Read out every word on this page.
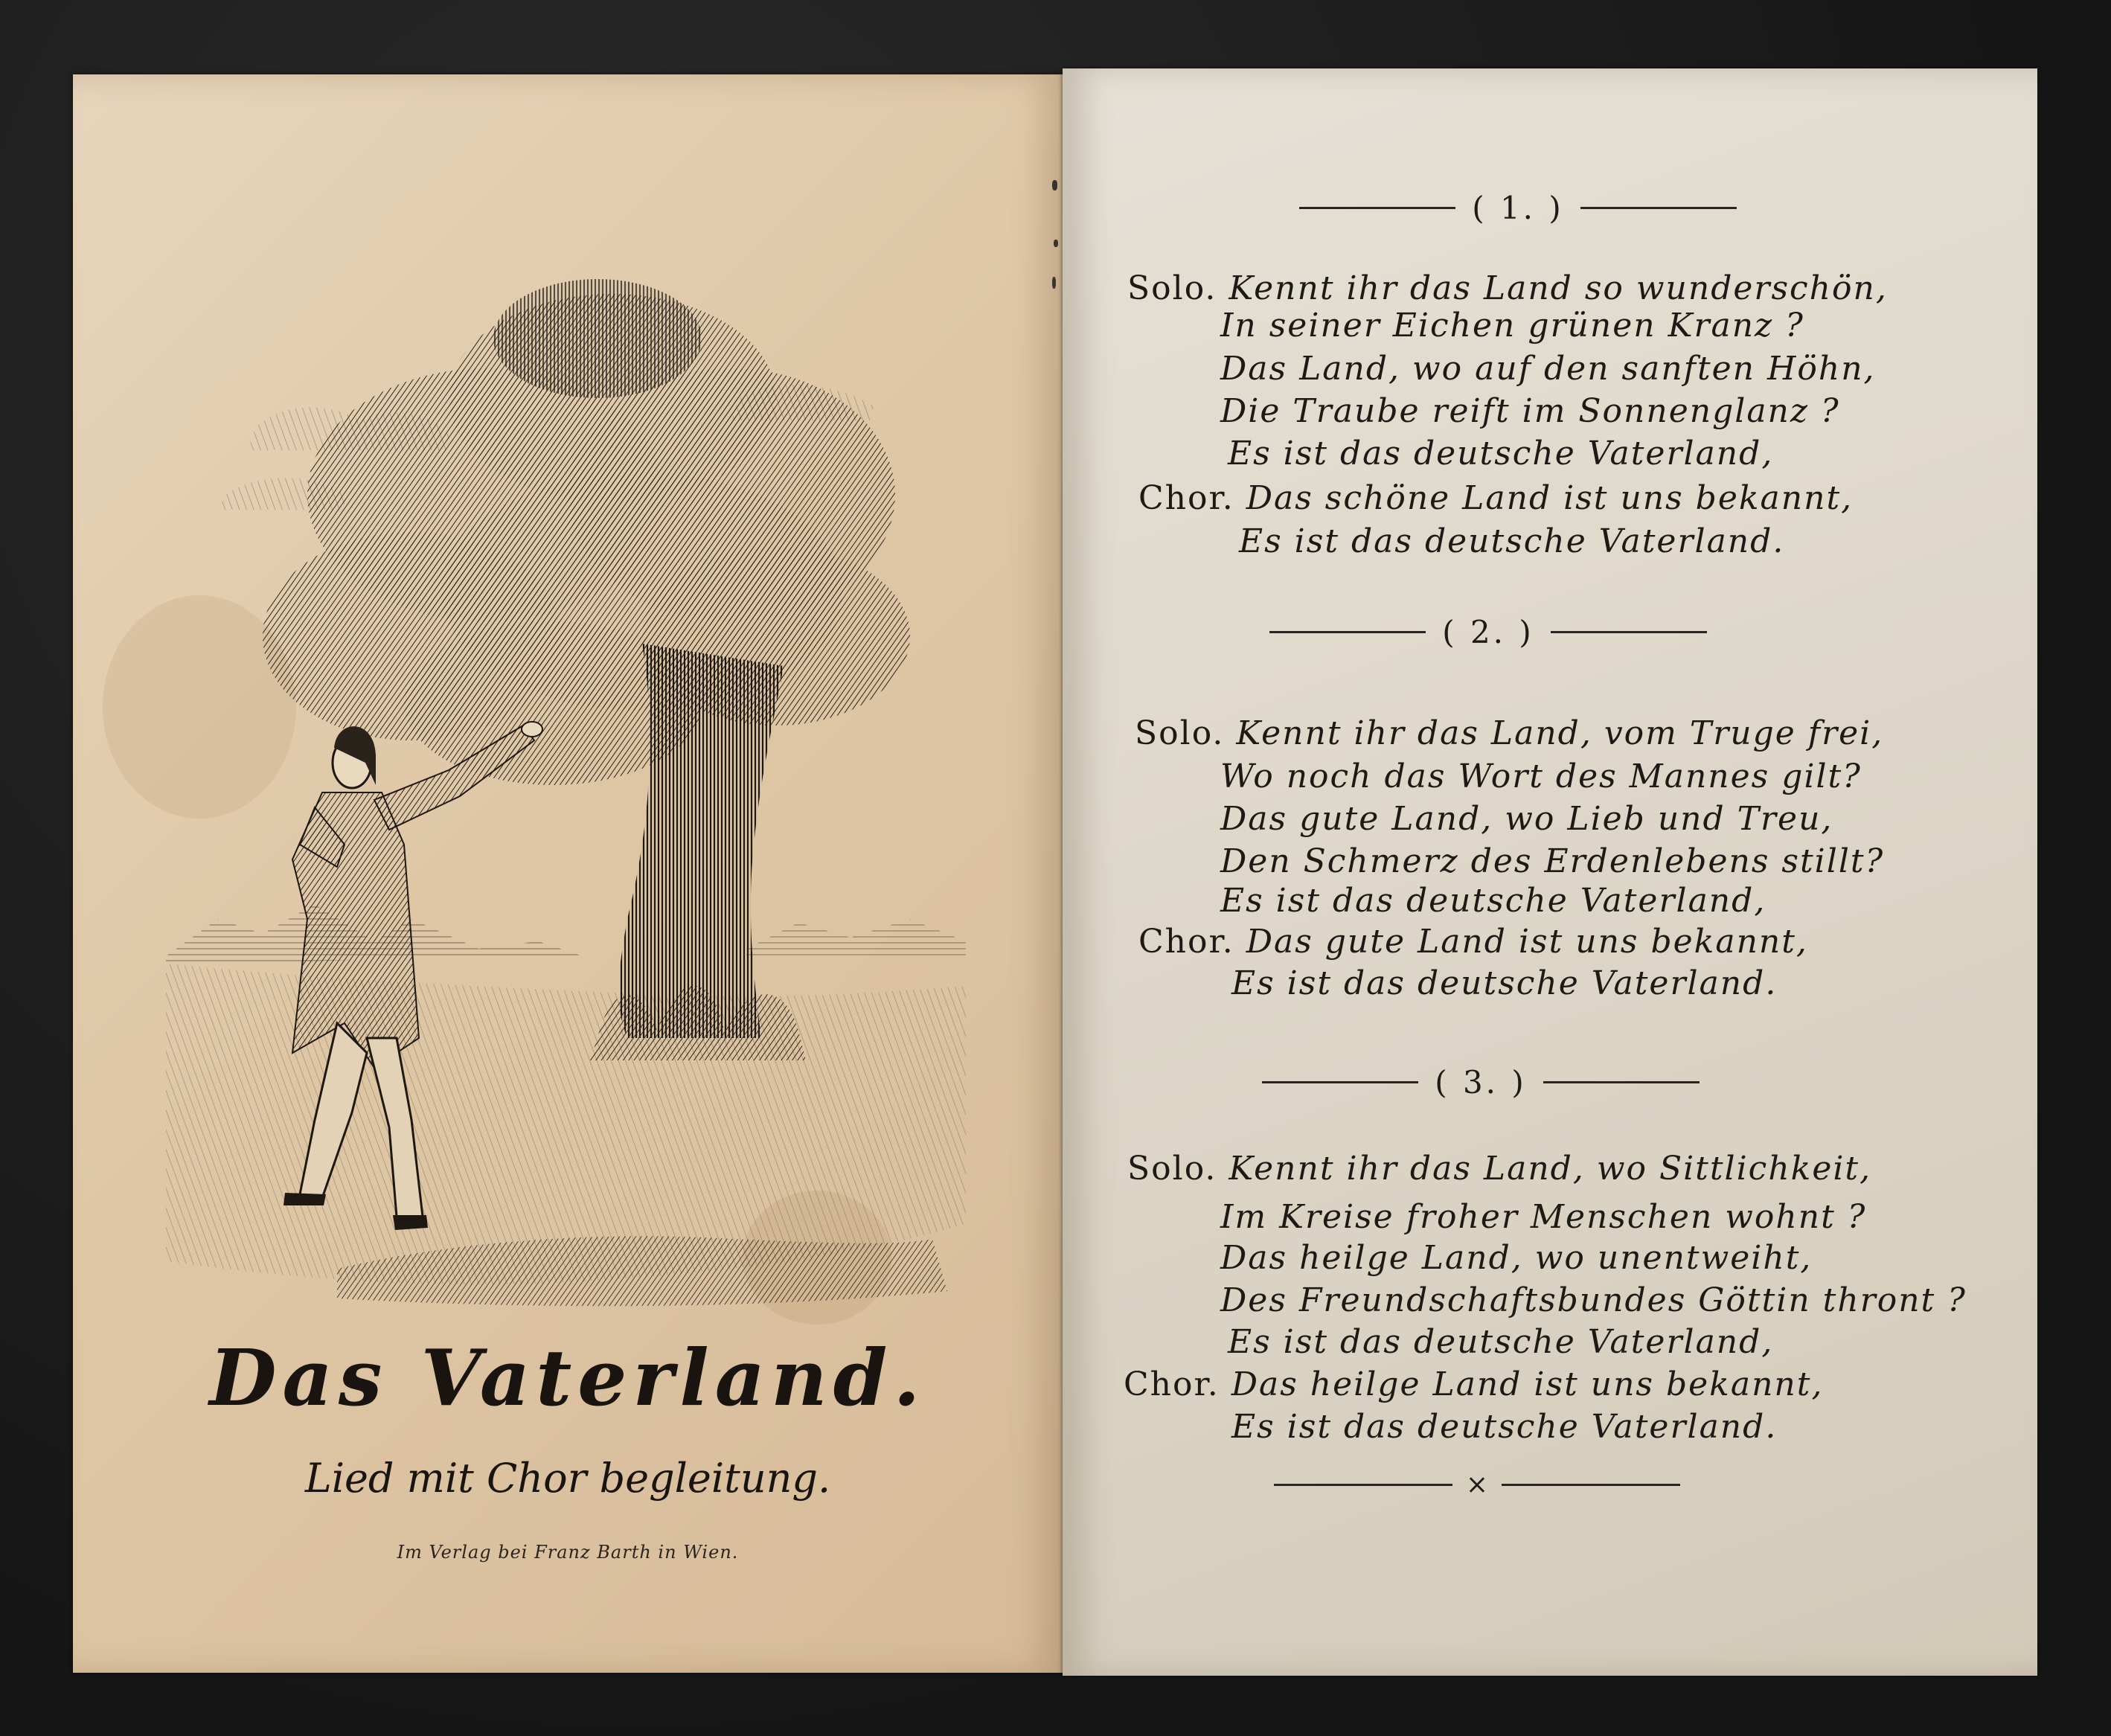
Das Vaterland.
Lied mit Chor begleitung.
Im Verlag bei Franz Barth in Wien.
( 1. )
Solo. Kennt ihr das Land so wunderschön,
In seiner Eichen grünen Kranz ?
Das Land, wo auf den sanften Höhn,
Die Traube reift im Sonnenglanz ?
Es ist das deutsche Vaterland,
Chor. Das schöne Land ist uns bekannt,
Es ist das deutsche Vaterland.
( 2. )
Solo. Kennt ihr das Land, vom Truge frei,
Wo noch das Wort des Mannes gilt?
Das gute Land, wo Lieb und Treu,
Den Schmerz des Erdenlebens stillt?
Es ist das deutsche Vaterland,
Chor. Das gute Land ist uns bekannt,
Es ist das deutsche Vaterland.
( 3. )
Solo. Kennt ihr das Land, wo Sittlichkeit,
Im Kreise froher Menschen wohnt ?
Das heilge Land, wo unentweiht,
Des Freundschaftsbundes Göttin thront ?
Es ist das deutsche Vaterland,
Chor. Das heilge Land ist uns bekannt,
Es ist das deutsche Vaterland.
×
